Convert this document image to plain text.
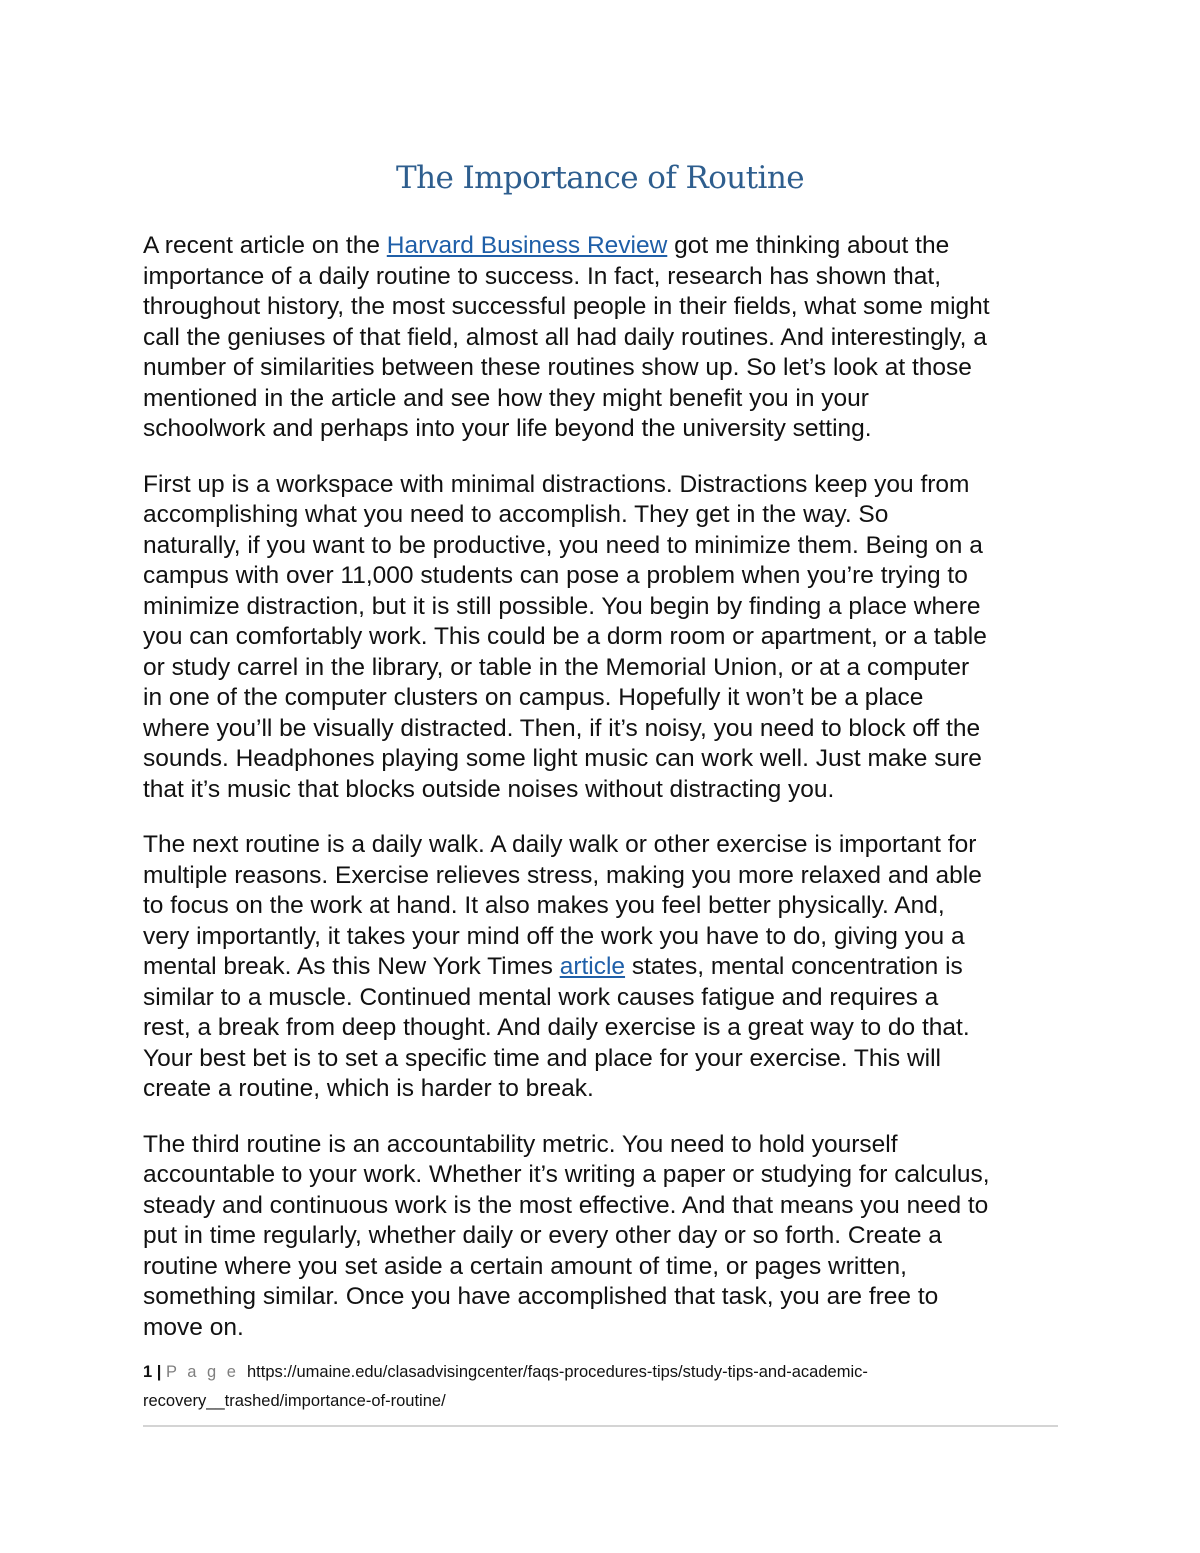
The Importance of Routine

A recent article on the Harvard Business Review got me thinking about the
importance of a daily routine to success. In fact, research has shown that,
throughout history, the most successful people in their fields, what some might
call the geniuses of that field, almost all had daily routines. And interestingly, a
number of similarities between these routines show up. So let’s look at those
mentioned in the article and see how they might benefit you in your
schoolwork and perhaps into your life beyond the university setting.

First up is a workspace with minimal distractions. Distractions keep you from
accomplishing what you need to accomplish. They get in the way. So
naturally, if you want to be productive, you need to minimize them. Being on a
campus with over 11,000 students can pose a problem when you’re trying to
minimize distraction, but it is still possible. You begin by finding a place where
you can comfortably work. This could be a dorm room or apartment, or a table
or study carrel in the library, or table in the Memorial Union, or at a computer
in one of the computer clusters on campus. Hopefully it won’t be a place
where you’ll be visually distracted. Then, if it’s noisy, you need to block off the
sounds. Headphones playing some light music can work well. Just make sure
that it’s music that blocks outside noises without distracting you.

The next routine is a daily walk. A daily walk or other exercise is important for
multiple reasons. Exercise relieves stress, making you more relaxed and able
to focus on the work at hand. It also makes you feel better physically. And,
very importantly, it takes your mind off the work you have to do, giving you a
mental break. As this New York Times article states, mental concentration is
similar to a muscle. Continued mental work causes fatigue and requires a
rest, a break from deep thought. And daily exercise is a great way to do that.
Your best bet is to set a specific time and place for your exercise. This will
create a routine, which is harder to break.

The third routine is an accountability metric. You need to hold yourself
accountable to your work. Whether it’s writing a paper or studying for calculus,
steady and continuous work is the most effective. And that means you need to
put in time regularly, whether daily or every other day or so forth. Create a
routine where you set aside a certain amount of time, or pages written,
something similar. Once you have accomplished that task, you are free to
move on.

1 | P a g e https://umaine.edu/clasadvisingcenter/faqs-procedures-tips/study-tips-and-academic-
recovery__trashed/importance-of-routine/
